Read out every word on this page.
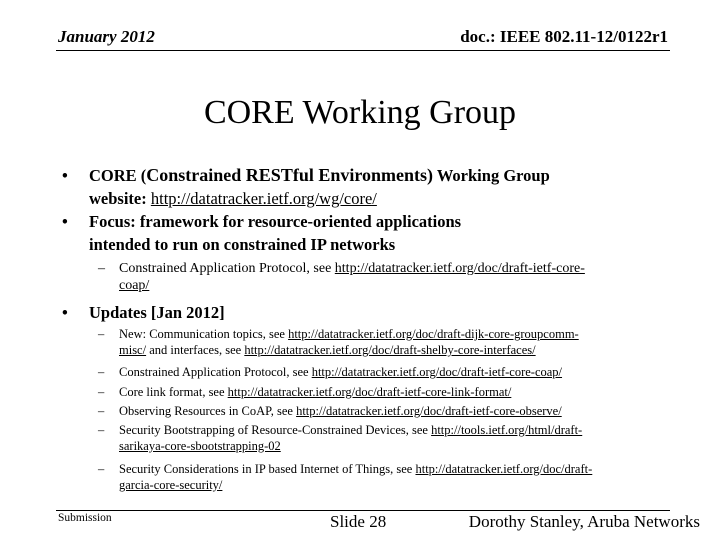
January 2012	doc.: IEEE 802.11-12/0122r1
CORE Working Group
• CORE (Constrained RESTful Environments) Working Group
website: http://datatracker.ietf.org/wg/core/
• Focus: framework for resource-oriented applications
intended to run on constrained IP networks
– Constrained Application Protocol, see http://datatracker.ietf.org/doc/draft-ietf-core-
coap/
• Updates [Jan 2012]
– New: Communication topics, see http://datatracker.ietf.org/doc/draft-dijk-core-groupcomm-
misc/ and interfaces, see http://datatracker.ietf.org/doc/draft-shelby-core-interfaces/
– Constrained Application Protocol, see http://datatracker.ietf.org/doc/draft-ietf-core-coap/
– Core link format, see http://datatracker.ietf.org/doc/draft-ietf-core-link-format/
– Observing Resources in CoAP, see http://datatracker.ietf.org/doc/draft-ietf-core-observe/
– Security Bootstrapping of Resource-Constrained Devices, see http://tools.ietf.org/html/draft-
sarikaya-core-sbootstrapping-02
– Security Considerations in IP based Internet of Things, see http://datatracker.ietf.org/doc/draft-
garcia-core-security/
Submission	Slide 28	Dorothy Stanley, Aruba Networks
